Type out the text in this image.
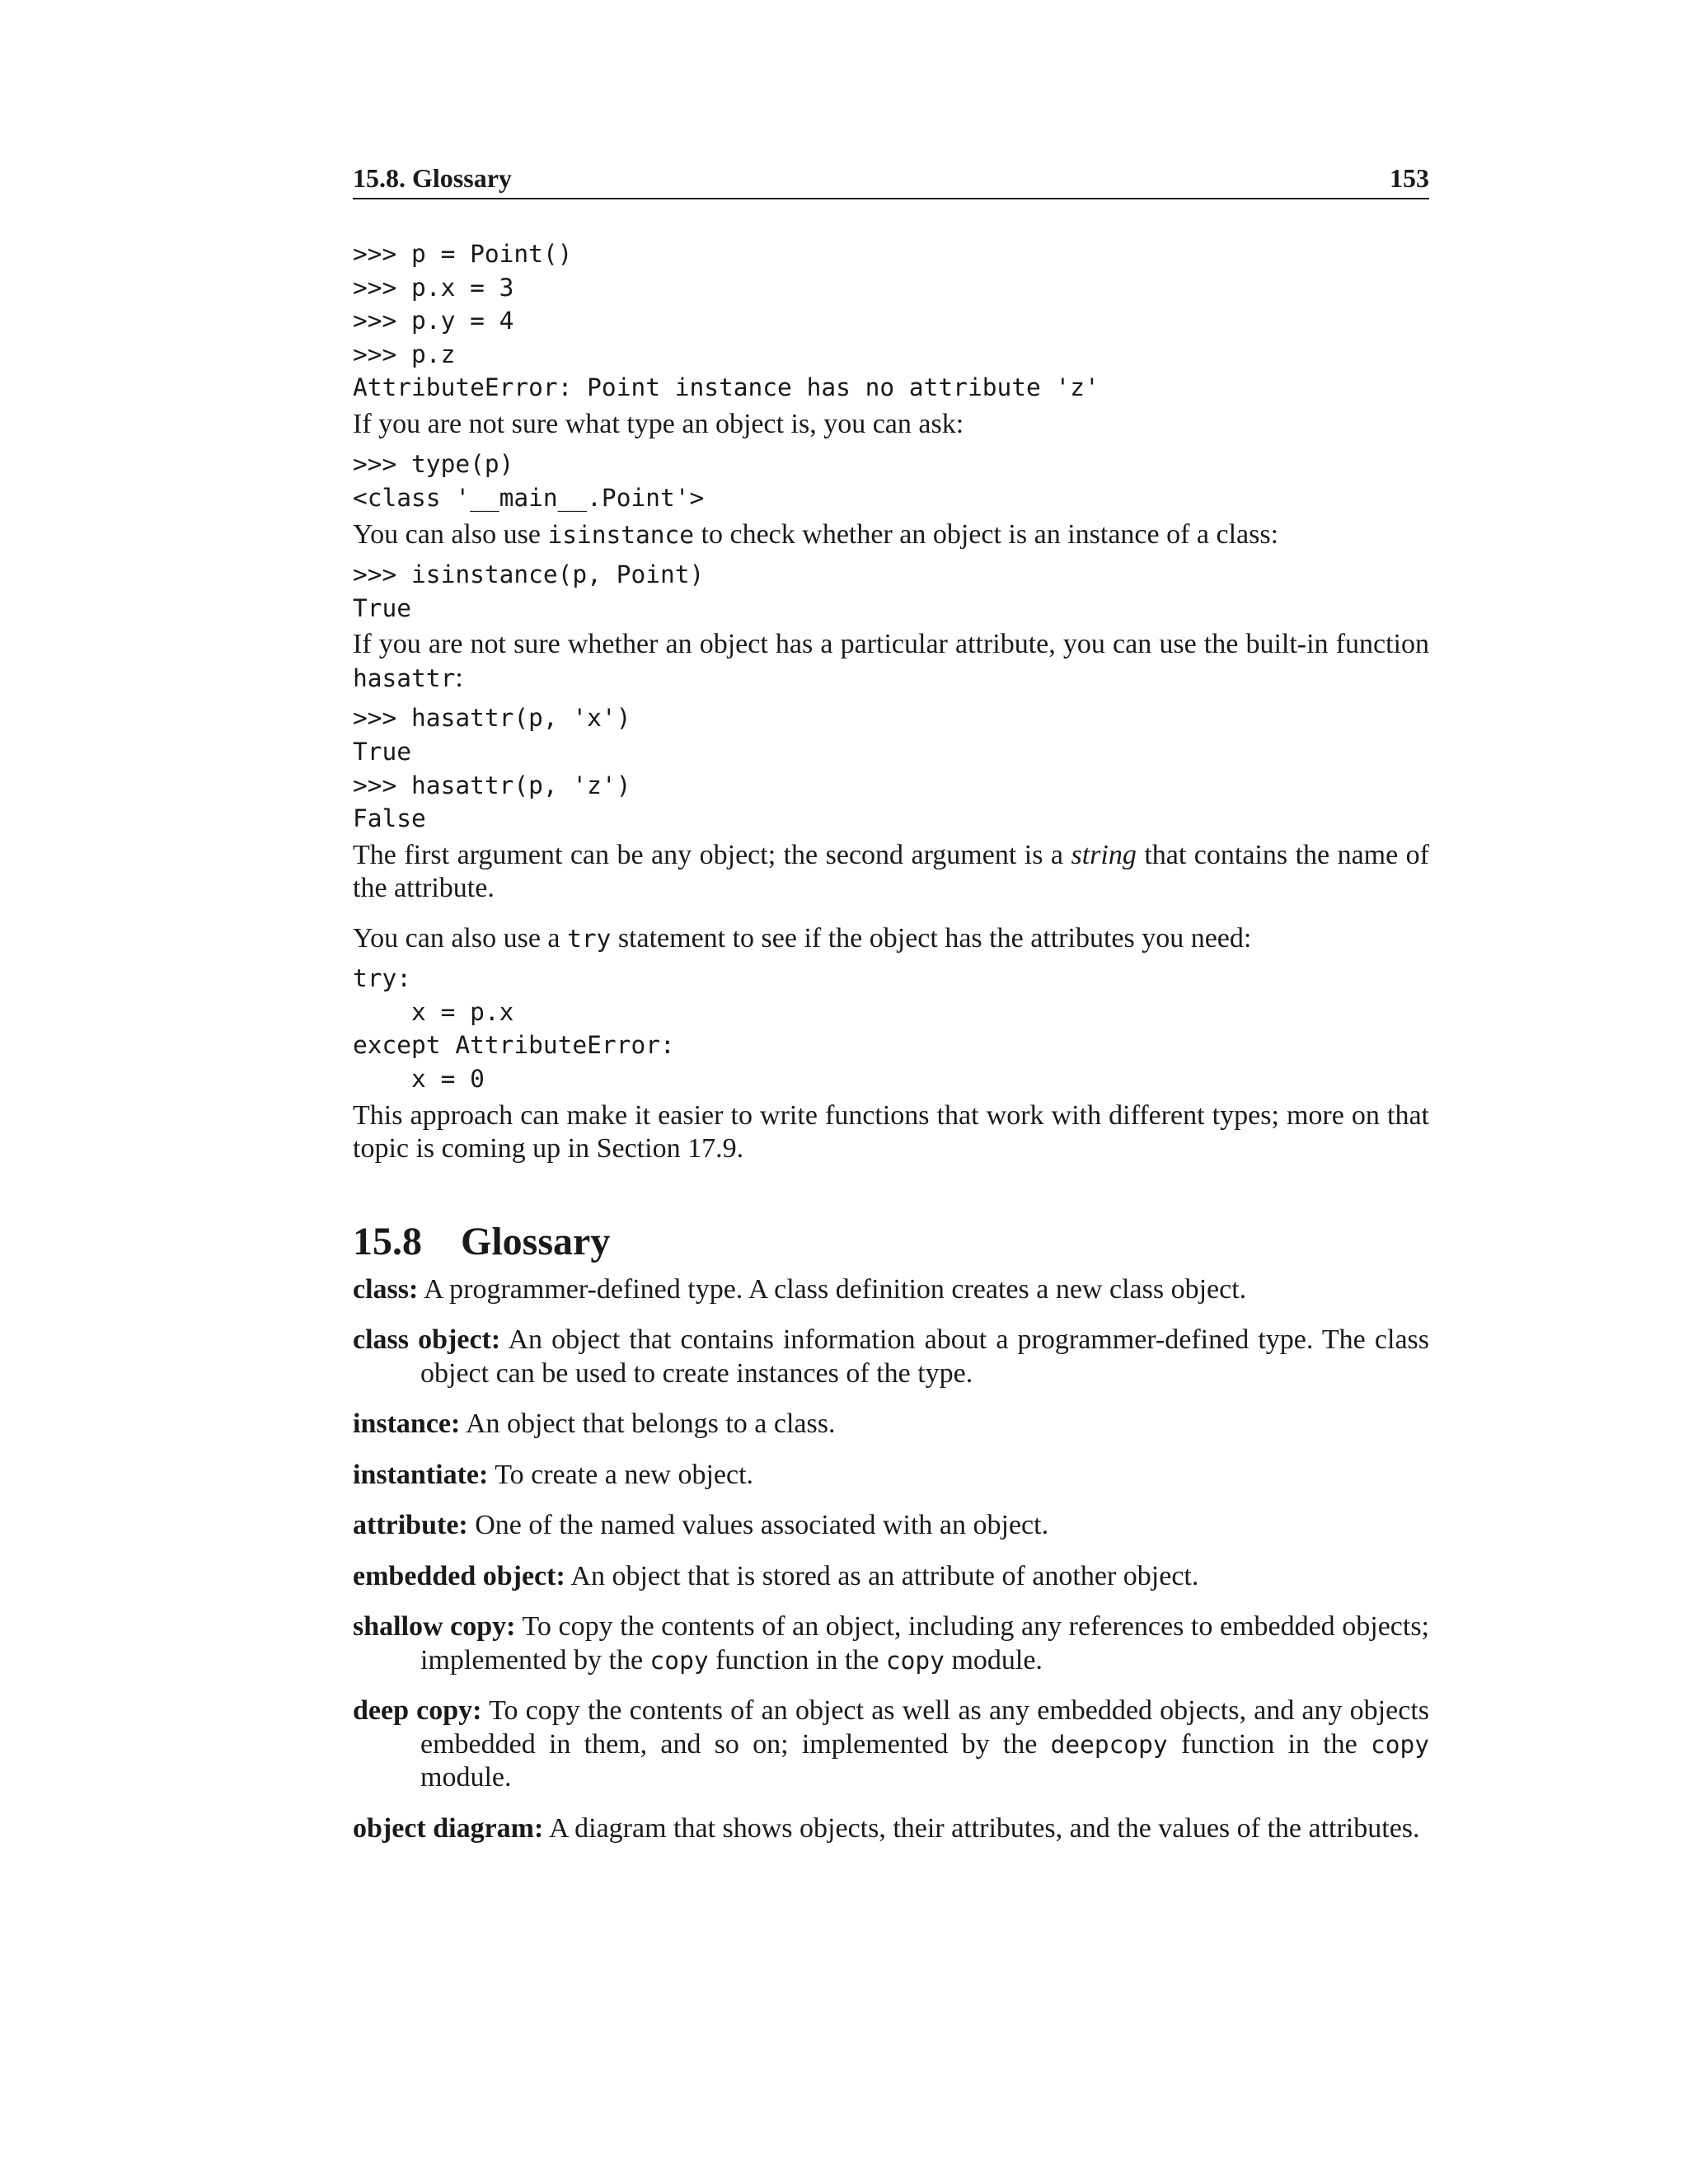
15.8. Glossary	153
>>> p = Point()
>>> p.x = 3
>>> p.y = 4
>>> p.z
AttributeError: Point instance has no attribute 'z'

If you are not sure what type an object is, you can ask:

>>> type(p)
<class '__main__.Point'>

You can also use isinstance to check whether an object is an instance of a class:

>>> isinstance(p, Point)
True

If you are not sure whether an object has a particular attribute, you can use the built-in function hasattr:

>>> hasattr(p, 'x')
True
>>> hasattr(p, 'z')
False

The first argument can be any object; the second argument is a string that contains the name of the attribute.

You can also use a try statement to see if the object has the attributes you need:

try:
x = p.x
except AttributeError:
x = 0

This approach can make it easier to write functions that work with different types; more on that topic is coming up in Section 17.9.

15.8 Glossary

class: A programmer-defined type. A class definition creates a new class object.

class object: An object that contains information about a programmer-defined type. The class object can be used to create instances of the type.

instance: An object that belongs to a class.

instantiate: To create a new object.

attribute: One of the named values associated with an object.

embedded object: An object that is stored as an attribute of another object.

shallow copy: To copy the contents of an object, including any references to embedded objects; implemented by the copy function in the copy module.

deep copy: To copy the contents of an object as well as any embedded objects, and any objects embedded in them, and so on; implemented by the deepcopy function in the copy module.

object diagram: A diagram that shows objects, their attributes, and the values of the attributes.
